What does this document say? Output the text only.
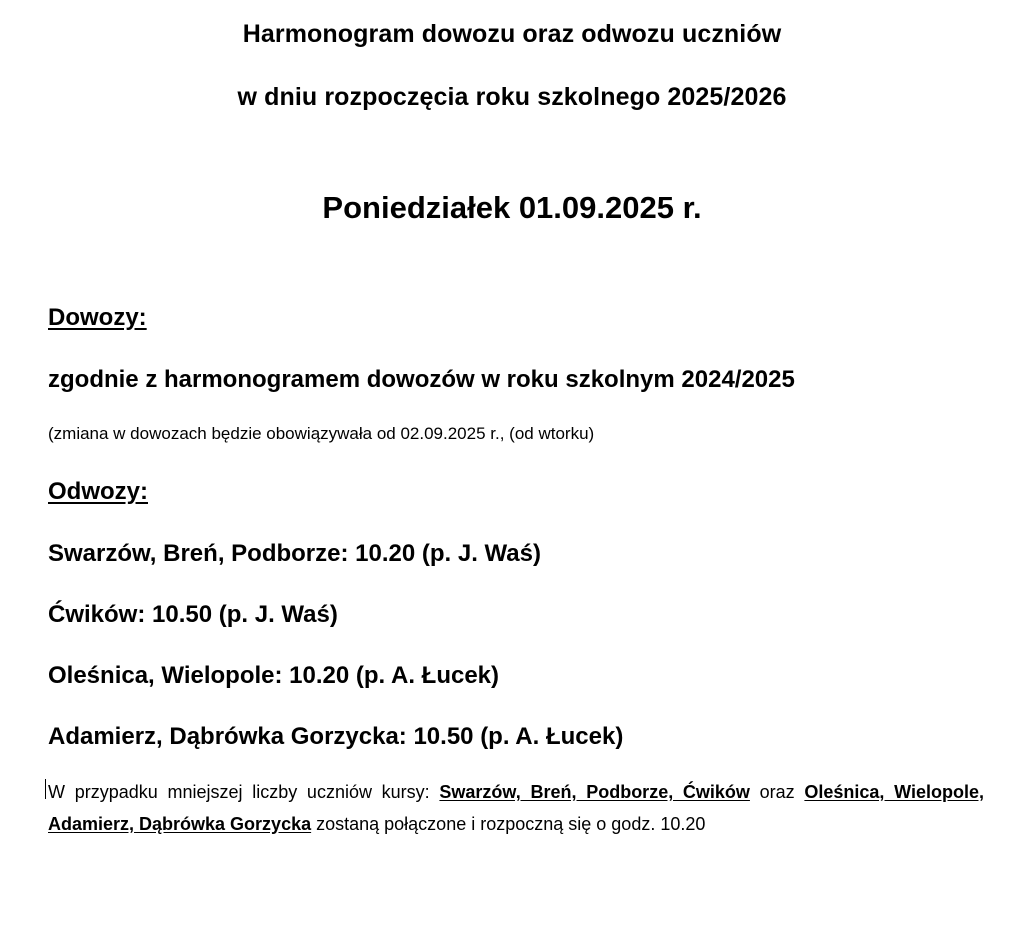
Harmonogram dowozu oraz odwozu uczniów
w dniu rozpoczęcia roku szkolnego 2025/2026
Poniedziałek 01.09.2025 r.
Dowozy:
zgodnie z harmonogramem dowozów w roku szkolnym 2024/2025
(zmiana w dowozach będzie obowiązywała od 02.09.2025 r., (od wtorku)
Odwozy:
Swarzów, Breń, Podborze: 10.20 (p. J. Waś)
Ćwików: 10.50 (p. J. Waś)
Oleśnica, Wielopole: 10.20 (p. A. Łucek)
Adamierz, Dąbrówka Gorzycka: 10.50 (p. A. Łucek)
W przypadku mniejszej liczby uczniów kursy: Swarzów, Breń, Podborze, Ćwików oraz Oleśnica, Wielopole, Adamierz, Dąbrówka Gorzycka zostaną połączone i rozpoczną się o godz. 10.20
